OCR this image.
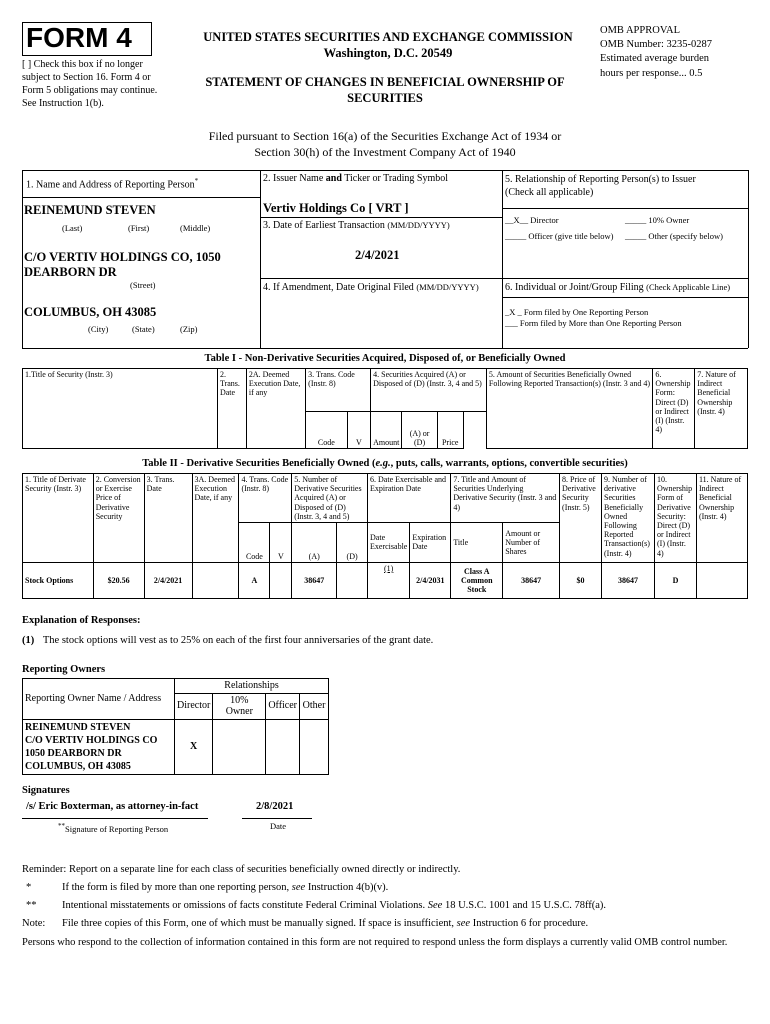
FORM 4
[ ] Check this box if no longer subject to Section 16. Form 4 or Form 5 obligations may continue. See Instruction 1(b).
UNITED STATES SECURITIES AND EXCHANGE COMMISSION
Washington, D.C. 20549
STATEMENT OF CHANGES IN BENEFICIAL OWNERSHIP OF SECURITIES
OMB APPROVAL
OMB Number: 3235-0287
Estimated average burden
hours per response... 0.5
Filed pursuant to Section 16(a) of the Securities Exchange Act of 1934 or
Section 30(h) of the Investment Company Act of 1940
1. Name and Address of Reporting Person*
REINEMUND STEVEN
(Last)	(First)	(Middle)
C/O VERTIV HOLDINGS CO, 1050 DEARBORN DR
(Street)
COLUMBUS, OH 43085
(City)	(State)	(Zip)
2. Issuer Name and Ticker or Trading Symbol
Vertiv Holdings Co [ VRT ]
3. Date of Earliest Transaction (MM/DD/YYYY)
2/4/2021
4. If Amendment, Date Original Filed (MM/DD/YYYY)
5. Relationship of Reporting Person(s) to Issuer
(Check all applicable)
__X__ Director	_____ 10% Owner
_____ Officer (give title below) _____ Other (specify below)
6. Individual or Joint/Group Filing (Check Applicable Line)
_X _ Form filed by One Reporting Person
___ Form filed by More than One Reporting Person
Table I - Non-Derivative Securities Acquired, Disposed of, or Beneficially Owned
1.Title of Security (Instr. 3)	2. Trans. Date	2A. Deemed Execution Date, if any	3. Trans. Code (Instr. 8)		4. Securities Acquired (A) or Disposed of (D) (Instr. 3, 4 and 5)			5. Amount of Securities Beneficially Owned Following Reported Transaction(s) (Instr. 3 and 4)	6. Ownership Form: Direct (D) or Indirect (I) (Instr. 4)	7. Nature of Indirect Beneficial Ownership (Instr. 4)
			Code	V	Amount	(A) or (D)	Price			
Table II - Derivative Securities Beneficially Owned (e.g., puts, calls, warrants, options, convertible securities)
1. Title of Derivate Security (Instr. 3)	2. Conversion or Exercise Price of Derivative Security	3. Trans. Date	3A. Deemed Execution Date, if any	4. Trans. Code (Instr. 8)		5. Number of Derivative Securities Acquired (A) or Disposed of (D) (Instr. 3, 4 and 5)		6. Date Exercisable and Expiration Date		7. Title and Amount of Securities Underlying Derivative Security (Instr. 3 and 4)		8. Price of Derivative Security (Instr. 5)	9. Number of derivative Securities Beneficially Owned Following Reported Transaction(s) (Instr. 4)	10. Ownership Form of Derivative Security: Direct (D) or Indirect (I) (Instr. 4)	11. Nature of Indirect Beneficial Ownership (Instr. 4)
				Code	V	(A)	(D)	Date Exercisable	Expiration Date	Title	Amount or Number of Shares				
Stock Options	$20.56	2/4/2021		A		38647		(1)	2/4/2031	Class A Common Stock	38647	$0	38647	D	
Explanation of Responses:
(1) The stock options will vest as to 25% on each of the first four anniversaries of the grant date.
Reporting Owners
Reporting Owner Name / Address	Relationships			
	Director	10% Owner	Officer	Other

REINEMUND STEVEN
C/O VERTIV HOLDINGS CO
1050 DEARBORN DR
COLUMBUS, OH 43085	X			
Signatures
/s/ Eric Boxterman, as attorney-in-fact	2/8/2021
**Signature of Reporting Person	Date
Reminder: Report on a separate line for each class of securities beneficially owned directly or indirectly.
*	If the form is filed by more than one reporting person, see Instruction 4(b)(v).
** Intentional misstatements or omissions of facts constitute Federal Criminal Violations. See 18 U.S.C. 1001 and 15 U.S.C. 78ff(a).
Note: File three copies of this Form, one of which must be manually signed. If space is insufficient, see Instruction 6 for procedure.
Persons who respond to the collection of information contained in this form are not required to respond unless the form displays a currently valid OMB control number.
